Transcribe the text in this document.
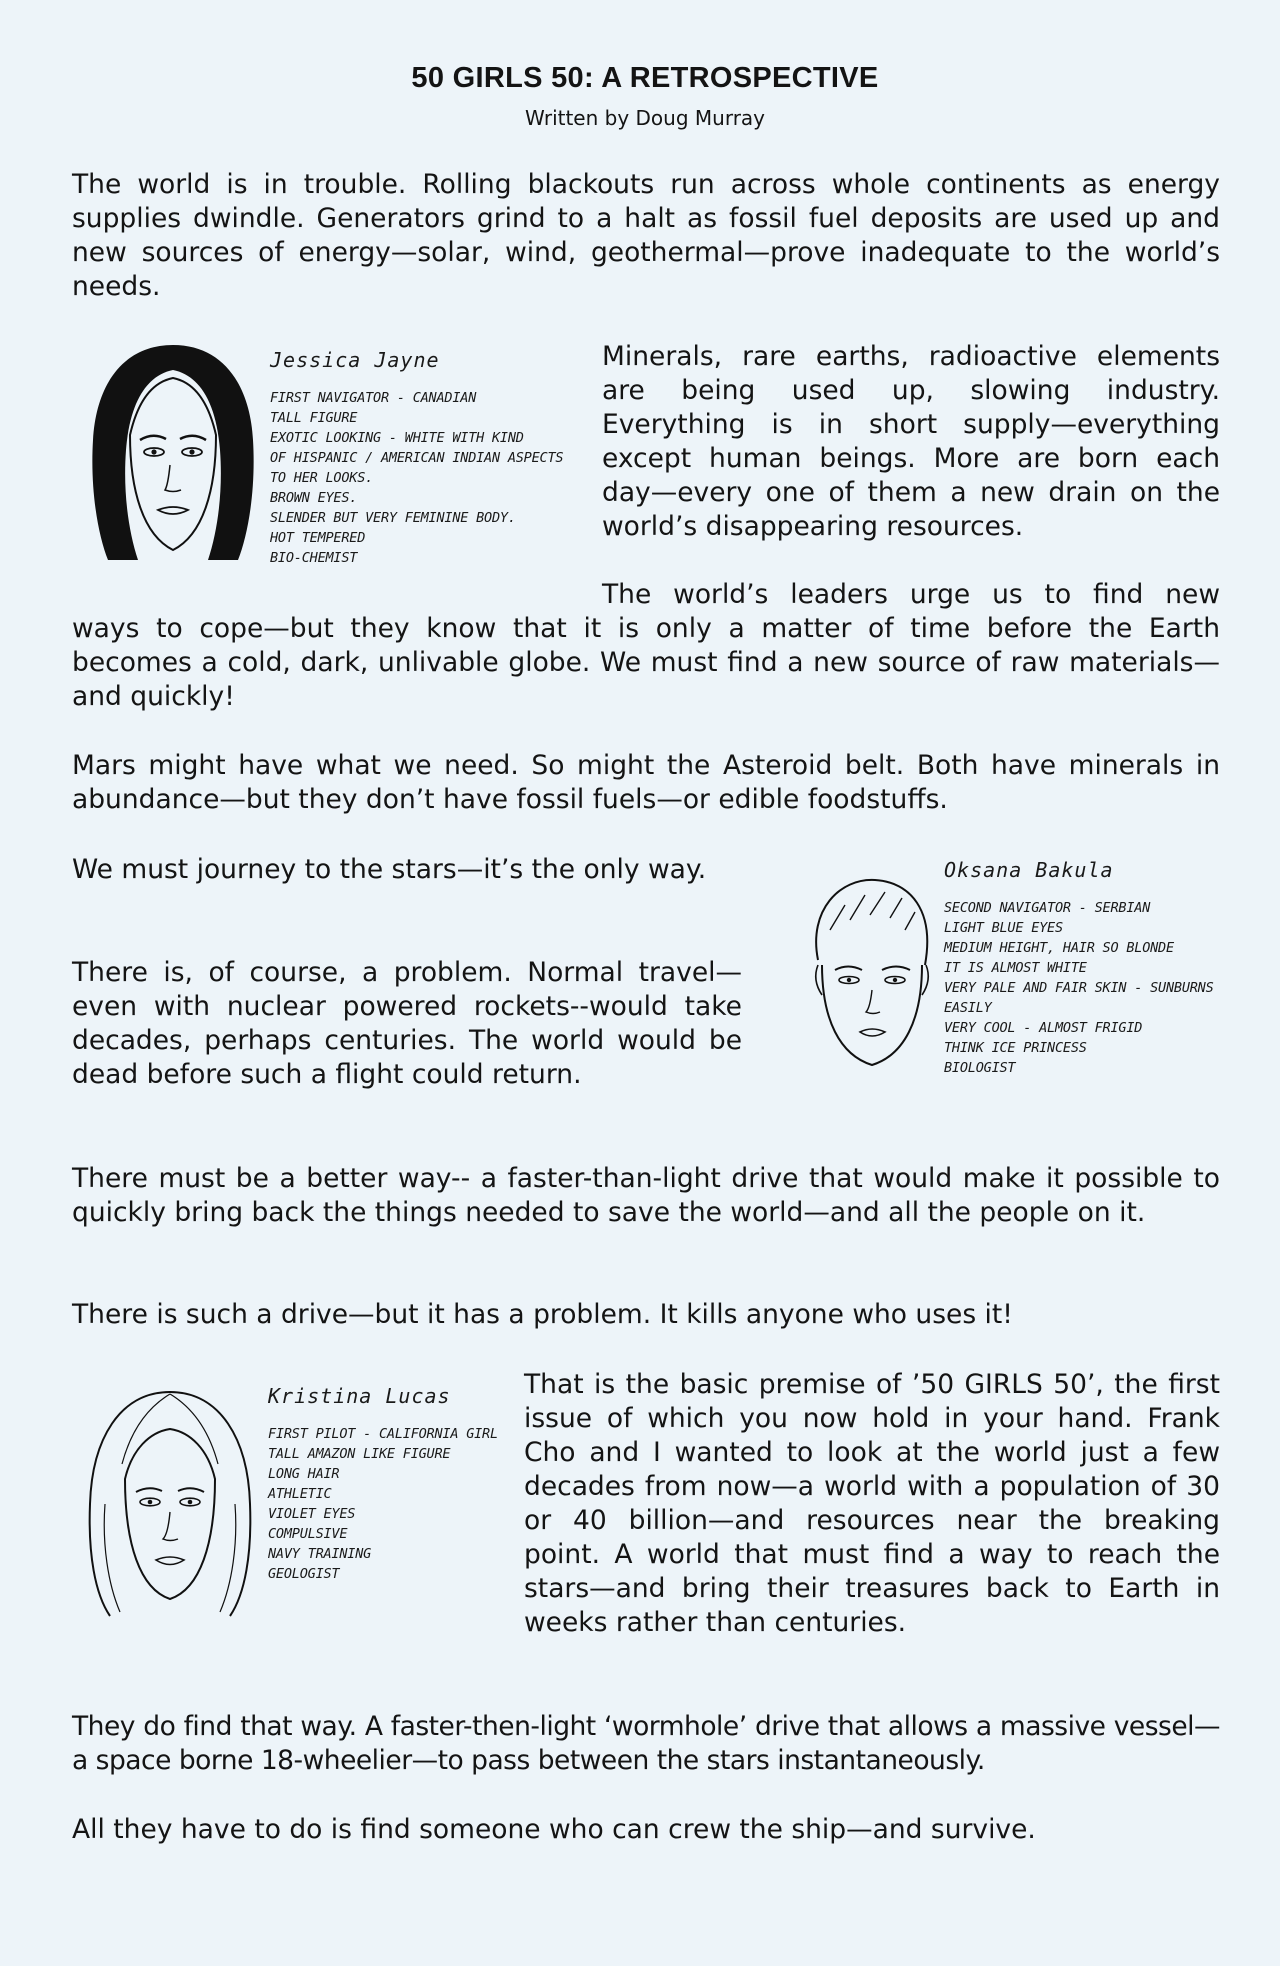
50 GIRLS 50: A RETROSPECTIVE
Written by Doug Murray

The world is in trouble. Rolling blackouts run across whole continents as energy supplies dwindle. Generators grind to a halt as fossil fuel deposits are used up and new sources of energy—solar, wind, geothermal—prove inadequate to the world’s needs.

Jessica Jayne
FIRST NAVIGATOR - CANADIAN
TALL FIGURE
EXOTIC LOOKING - WHITE WITH KIND
OF HISPANIC / AMERICAN INDIAN ASPECTS
TO HER LOOKS.
BROWN EYES.
SLENDER BUT VERY FEMININE BODY.
HOT TEMPERED
BIO-CHEMIST

Minerals, rare earths, radioactive elements are being used up, slowing industry. Everything is in short supply—everything except human beings. More are born each day—every one of them a new drain on the world’s disappearing resources.

The world’s leaders urge us to find new

ways to cope—but they know that it is only a matter of time before the Earth becomes a cold, dark, unlivable globe. We must find a new source of raw materials—and quickly!

Mars might have what we need. So might the Asteroid belt. Both have minerals in abundance—but they don’t have fossil fuels—or edible foodstuffs.

We must journey to the stars—it’s the only way.

There is, of course, a problem. Normal travel—even with nuclear powered rockets--would take decades, perhaps centuries. The world would be dead before such a flight could return.

Oksana Bakula
SECOND NAVIGATOR - SERBIAN
LIGHT BLUE EYES
MEDIUM HEIGHT, HAIR SO BLONDE
IT IS ALMOST WHITE
VERY PALE AND FAIR SKIN - SUNBURNS
EASILY
VERY COOL - ALMOST FRIGID
THINK ICE PRINCESS
BIOLOGIST

There must be a better way-- a faster-than-light drive that would make it possible to quickly bring back the things needed to save the world—and all the people on it.

There is such a drive—but it has a problem. It kills anyone who uses it!

Kristina Lucas
FIRST PILOT - CALIFORNIA GIRL
TALL AMAZON LIKE FIGURE
LONG HAIR
ATHLETIC
VIOLET EYES
COMPULSIVE
NAVY TRAINING
GEOLOGIST

That is the basic premise of ’50 GIRLS 50’, the first issue of which you now hold in your hand. Frank Cho and I wanted to look at the world just a few decades from now—a world with a population of 30 or 40 billion—and resources near the breaking point. A world that must find a way to reach the stars—and bring their treasures back to Earth in weeks rather than centuries.

They do find that way. A faster-then-light ‘wormhole’ drive that allows a massive vessel—a space borne 18-wheelier—to pass between the stars instantaneously.

All they have to do is find someone who can crew the ship—and survive.
